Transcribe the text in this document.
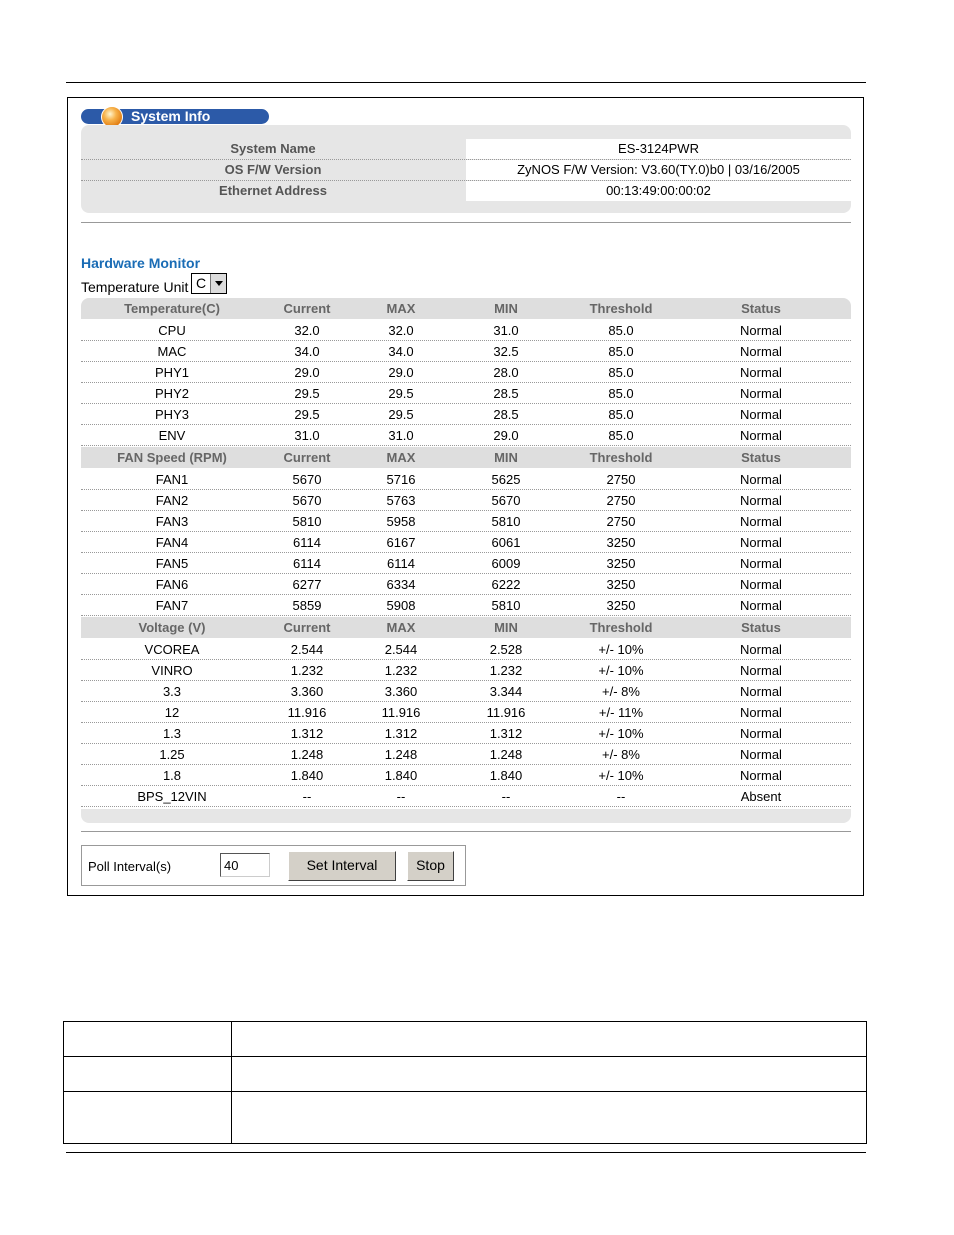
System Info
System Name	ES-3124PWR
OS F/W Version	ZyNOS F/W Version: V3.60(TY.0)b0 | 03/16/2005
Ethernet Address	00:13:49:00:00:02
Hardware Monitor
Temperature Unit C
Temperature(C)	Current	MAX	MIN	Threshold	Status
CPU	32.0	32.0	31.0	85.0	Normal
MAC	34.0	34.0	32.5	85.0	Normal
PHY1	29.0	29.0	28.0	85.0	Normal
PHY2	29.5	29.5	28.5	85.0	Normal
PHY3	29.5	29.5	28.5	85.0	Normal
ENV	31.0	31.0	29.0	85.0	Normal
FAN Speed (RPM)	Current	MAX	MIN	Threshold	Status
FAN1	5670	5716	5625	2750	Normal
FAN2	5670	5763	5670	2750	Normal
FAN3	5810	5958	5810	2750	Normal
FAN4	6114	6167	6061	3250	Normal
FAN5	6114	6114	6009	3250	Normal
FAN6	6277	6334	6222	3250	Normal
FAN7	5859	5908	5810	3250	Normal
Voltage (V)	Current	MAX	MIN	Threshold	Status
VCOREA	2.544	2.544	2.528	+/- 10%	Normal
VINRO	1.232	1.232	1.232	+/- 10%	Normal
3.3	3.360	3.360	3.344	+/- 8%	Normal
12	11.916	11.916	11.916	+/- 11%	Normal
1.3	1.312	1.312	1.312	+/- 10%	Normal
1.25	1.248	1.248	1.248	+/- 8%	Normal
1.8	1.840	1.840	1.840	+/- 10%	Normal
BPS_12VIN	--	--	--	--	Absent
Poll Interval(s)
40	Set Interval	Stop
